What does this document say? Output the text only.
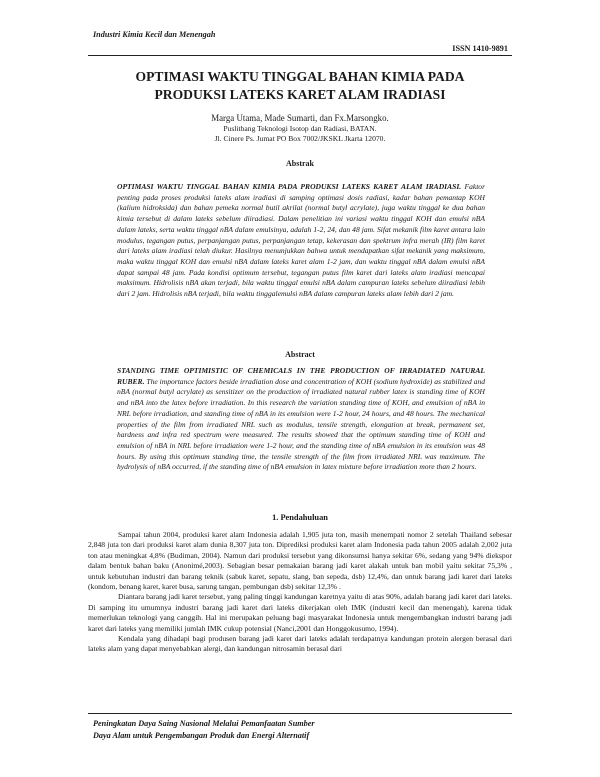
Industri Kimia Kecil dan Menengah
ISSN 1410-9891
OPTIMASI WAKTU TINGGAL BAHAN KIMIA PADA
PRODUKSI LATEKS KARET ALAM IRADIASI
Marga Utama, Made Sumarti, dan Fx.Marsongko.
Puslitbang Teknologi Isotop dan Radiasi, BATAN.
Jl. Cinere Ps. Jumat PO Box 7002/JKSKL Jkarta 12070.
Abstrak
OPTIMASI WAKTU TINGGAL BAHAN KIMIA PADA PRODUKSI LATEKS KARET ALAM IRADIASI. Faktor penting pada proses produksi lateks alam iradiasi di samping optimasi dosis radiasi, kadar bahan pemantap KOH (kalium hidroksida) dan bahan pemeka normal butil akrilat (normal butyl acrylate), juga waktu tinggal ke dua bahan kimia tersebut di dalam lateks sebelum diiradiasi. Dalam penelitian ini variasi waktu tinggal KOH dan emulsi nBA dalam lateks, serta waktu tinggal nBA dalam emulsinya, adalah 1-2, 24, dan 48 jam. Sifat mekanik film karet antara lain modulus, tegangan putus, perpanjangan putus, perpanjangan tetap, kekerasan dan spektrum infra merah (IR) film karet dari lateks alam iradiasi telah diukur. Hasilnya menunjukkan bahwa untuk mendapatkan sifat mekanik yang maksimum, maka waktu tinggal KOH dan emulsi nBA dalam lateks karet alam 1-2 jam, dan waktu tinggal nBA dalam emulsi nBA dapat sampai 48 jam. Pada kondisi optimum tersebut, tegangan putus film karet dari lateks alam iradiasi mencapai maksimum. Hidrolisis nBA akan terjadi, bila waktu tinggal emulsi nBA dalam campuran lateks sebelum diiradiasi lebih dari 2 jam. Hidrolisis nBA terjadi, bila waktu tinggalemulsi nBA dalam campuran lateks alam lebih dari 2 jam.
Abstract
STANDING TIME OPTIMISTIC OF CHEMICALS IN THE PRODUCTION OF IRRADIATED NATURAL RUBER. The importance factors beside irradiation dose and concentration of KOH (sodium hydroxide) as stabilized and nBA (normal butyl acrylate) as sensitizer on the production of irradiated natural rubber latex is standing time of KOH and nBA into the latex before irradiation. In this research the variation standing time of KOH, and emulsion of nBA in NRL before irradiation, and standing time of nBA in its emulsion were 1-2 hour, 24 hours, and 48 hours. The mechanical properties of the film from irradiated NRL such as modulus, tensile strength, elongation at break, permanent set, hardness and infra red spectrum were measured. The results showed that the optimum standing time of KOH and emulsion of nBA in NRL before irradiation were 1-2 hour, and the standing time of nBA emulsion in its emulsion was 48 hours. By using this optimum standing time, the tensile strength of the film from irradiated NRL was maximum. The hydrolysis of nBA occurred, if the standing time of nBA emulsion in latex mixture before irradiation more than 2 hours.
1. Pendahuluan

Sampai tahun 2004, produksi karet alam Indonesia adalah 1,905 juta ton, masih menempati nomor 2 setelah Thailand sebesar 2,848 juta ton dari produksi karet alam dunia 8,307 juta ton. Diprediksi produksi karet alam Indonesia pada tahun 2005 adalah 2,002 juta ton atau meningkat 4,8% (Budiman, 2004). Namun dari produksi tersebut yang dikonsumsi hanya sekitar 6%, sedang yang 94% diekspor dalam bentuk bahan baku (Anonimé,2003). Sebagian besar pemakaian barang jadi karet alakah untuk ban mobil yaitu sekitar 75,3% , untuk kebutuhan industri dan barang teknik (sabuk karet, sepatu, slang, ban sepeda, dsb) 12,4%, dan untuk barang jadi karet dari lateks (kondom, benang karet, karet busa, sarung tangan, pembungan dsb) sekitar 12,3% .

Diantara barang jadi karet tersebut, yang paling tinggi kandungan karetnya yaitu di atas 90%, adalah barang jadi karet dari lateks. Di samping itu umumnya industri barang jadi karet dari lateks dikerjakan oleh IMK (industri kecil dan menengah), karena tidak memerlukan teknologi yang canggih. Hal ini merupakan peluang bagi masyarakat Indonesia untuk mengembangkan industri barang jadi karet dari lateks yang memiliki jumlah IMK cukup potensial (Nanci,2001 dan Honggokusumo, 1994).

Kendala yang dihadapi bagi produsen barang jadi karet dari lateks adalah terdapatnya kandungan protein alergen berasal dari lateks alam yang dapat menyebabkan alergi, dan kandungan nitrosamin berasal dari

Peningkatan Daya Saing Nasional Melalui Pemanfaatan Sumber
Daya Alam untuk Pengembangan Produk dan Energi Alternatif
